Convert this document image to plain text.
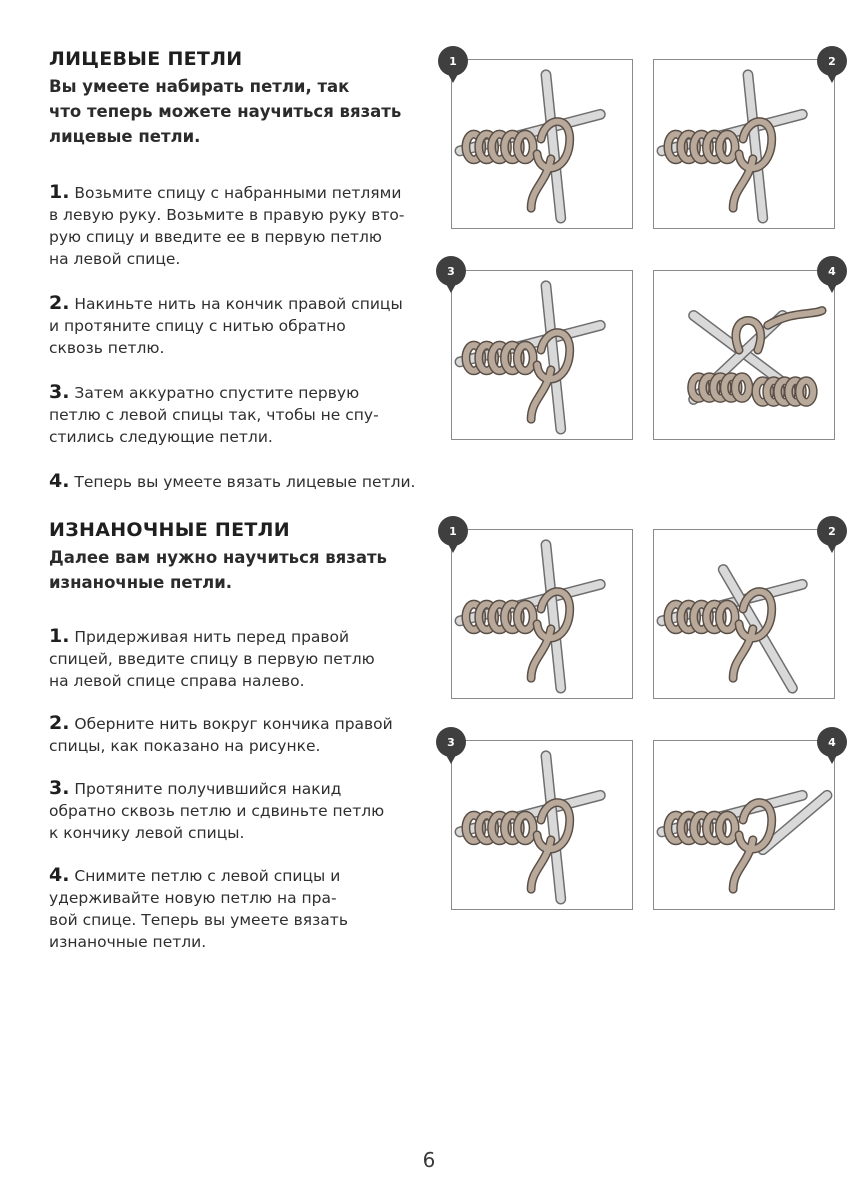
ЛИЦЕВЫЕ ПЕТЛИ
Вы умеете набирать петли, так
что теперь можете научиться вязать
лицевые петли.
1. Возьмите спицу с набранными петлями
в левую руку. Возьмите в правую руку вто-
рую спицу и введите ее в первую петлю
на левой спице.
2. Накиньте нить на кончик правой спицы
и протяните спицу с нитью обратно
сквозь петлю.
3. Затем аккуратно спустите первую
петлю с левой спицы так, чтобы не спу-
стились следующие петли.
4. Теперь вы умеете вязать лицевые петли.
ИЗНАНОЧНЫЕ ПЕТЛИ
Далее вам нужно научиться вязать
изнаночные петли.
1. Придерживая нить перед правой
спицей, введите спицу в первую петлю
на левой спице справа налево.
2. Оберните нить вокруг кончика правой
спицы, как показано на рисунке.
3. Протяните получившийся накид
обратно сквозь петлю и сдвиньте петлю
к кончику левой спицы.
4. Снимите петлю с левой спицы и
удерживайте новую петлю на пра-
вой спице. Теперь вы умеете вязать
изнаночные петли.
1	2
3	4
1	2
3	4
6
